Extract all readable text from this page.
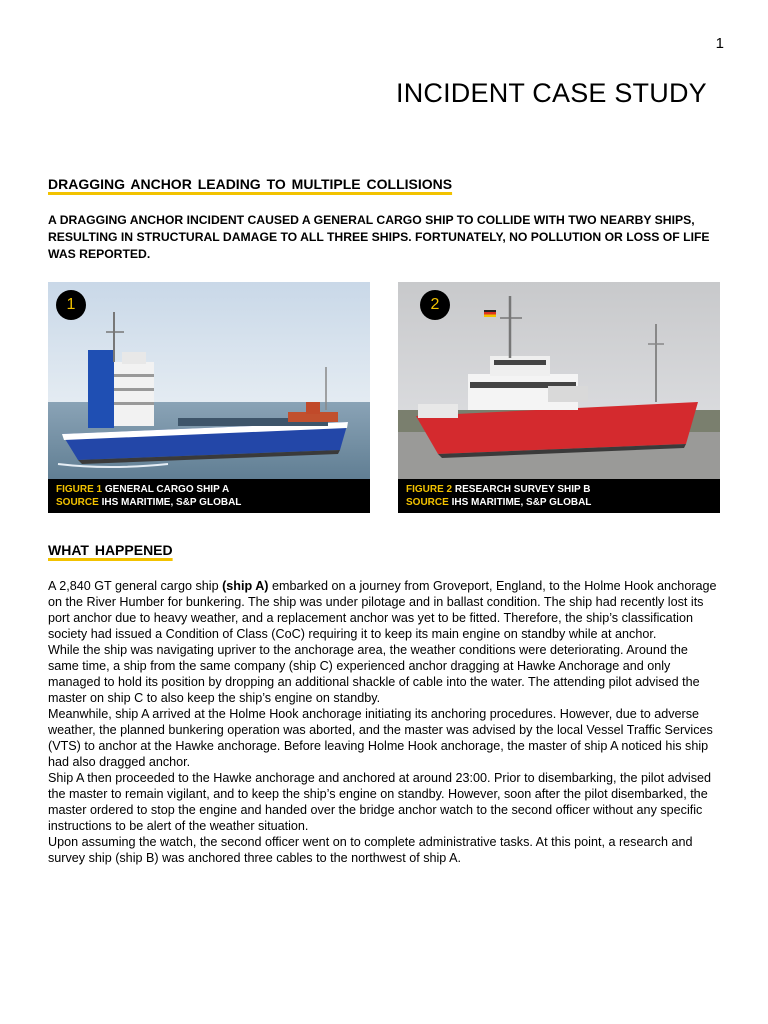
1
INCIDENT CASE STUDY
DRAGGING ANCHOR LEADING TO MULTIPLE COLLISIONS
A DRAGGING ANCHOR INCIDENT CAUSED A GENERAL CARGO SHIP TO COLLIDE WITH TWO NEARBY SHIPS, RESULTING IN STRUCTURAL DAMAGE TO ALL THREE SHIPS. FORTUNATELY, NO POLLUTION OR LOSS OF LIFE WAS REPORTED.
1
FIGURE 1 GENERAL CARGO SHIP A
SOURCE IHS MARITIME, S&P GLOBAL
2
FIGURE 2 RESEARCH SURVEY SHIP B
SOURCE IHS MARITIME, S&P GLOBAL
WHAT HAPPENED

A 2,840 GT general cargo ship (ship A) embarked on a journey from Groveport, England, to the Holme Hook anchorage on the River Humber for bunkering. The ship was under pilotage and in ballast condition. The ship had recently lost its port anchor due to heavy weather, and a replacement anchor was yet to be fitted. Therefore, the ship’s classification society had issued a Condition of Class (CoC) requiring it to keep its main engine on standby while at anchor.

While the ship was navigating upriver to the anchorage area, the weather conditions were deteriorating. Around the same time, a ship from the same company (ship C) experienced anchor dragging at Hawke Anchorage and only managed to hold its position by dropping an additional shackle of cable into the water. The attending pilot advised the master on ship C to also keep the ship’s engine on standby.

Meanwhile, ship A arrived at the Holme Hook anchorage initiating its anchoring procedures. However, due to adverse weather, the planned bunkering operation was aborted, and the master was advised by the local Vessel Traffic Services (VTS) to anchor at the Hawke anchorage. Before leaving Holme Hook anchorage, the master of ship A noticed his ship had also dragged anchor.

Ship A then proceeded to the Hawke anchorage and anchored at around 23:00. Prior to disembarking, the pilot advised the master to remain vigilant, and to keep the ship’s engine on standby. However, soon after the pilot disembarked, the master ordered to stop the engine and handed over the bridge anchor watch to the second officer without any specific instructions to be alert of the weather situation.

Upon assuming the watch, the second officer went on to complete administrative tasks. At this point, a research and survey ship (ship B) was anchored three cables to the northwest of ship A.
